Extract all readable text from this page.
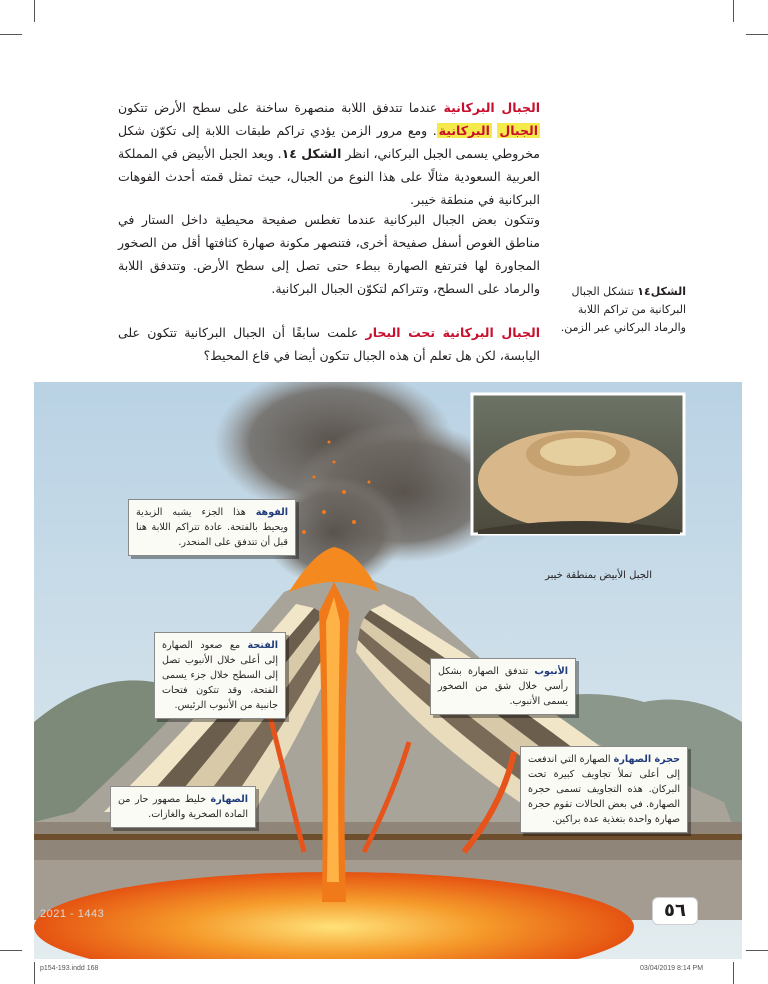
الجبال البركانية عندما تتدفق اللابة منصهرة ساخنة على سطح الأرض تتكون الجبال البركانية. ومع مرور الزمن يؤدي تراكم طبقات اللابة إلى تكوّن شكل مخروطي يسمى الجبل البركاني، انظر الشكل ١٤. ويعد الجبل الأبيض في المملكة العربية السعودية مثالًا على هذا النوع من الجبال، حيث تمثل قمته أحدث الفوهات البركانية في منطقة خيبر.

وتتكون بعض الجبال البركانية عندما تغطس صفيحة محيطية داخل الستار في مناطق الغوص أسفل صفيحة أخرى، فتنصهر مكونة صهارة كثافتها أقل من الصخور المجاورة لها فترتفع الصهارة ببطء حتى تصل إلى سطح الأرض. وتتدفق اللابة والرماد على السطح، وتتراكم لتكوّن الجبال البركانية.

الجبال البركانية تحت البحار علمت سابقًا أن الجبال البركانية تتكون على اليابسة، لكن هل تعلم أن هذه الجبال تتكون أيضا في قاع المحيط؟

الشكل١٤ تتشكل الجبال البركانية من تراكم اللابة والرماد البركاني عبر الزمن.
الفوهة هذا الجزء يشبه الزبدية ويحيط بالفتحة. عادة تتراكم اللابة هنا قبل أن تتدفق على المنحدر.
الفتحة مع صعود الصهارة إلى أعلى خلال الأنبوب تصل إلى السطح خلال جزء يسمى الفتحة، وقد تتكون فتحات جانبية من الأنبوب الرئيس.
الأنبوب تتدفق الصهارة بشكل رأسي خلال شق من الصخور يسمى الأنبوب.
حجرة الصهارة الصهارة التي اندفعت إلى أعلى تملأ تجاويف كبيرة تحت البركان. هذه التجاويف تسمى حجرة الصهارة. في بعض الحالات تقوم حجرة صهارة واحدة بتغذية عدة براكين.
الصهارة خليط مصهور حار من المادة الصخرية والغازات.
الجبل الأبيض بمنطقة خيبر
2021 - 1443	٥٦
p154-193.indd 168	03/04/2019 8:14 PM
